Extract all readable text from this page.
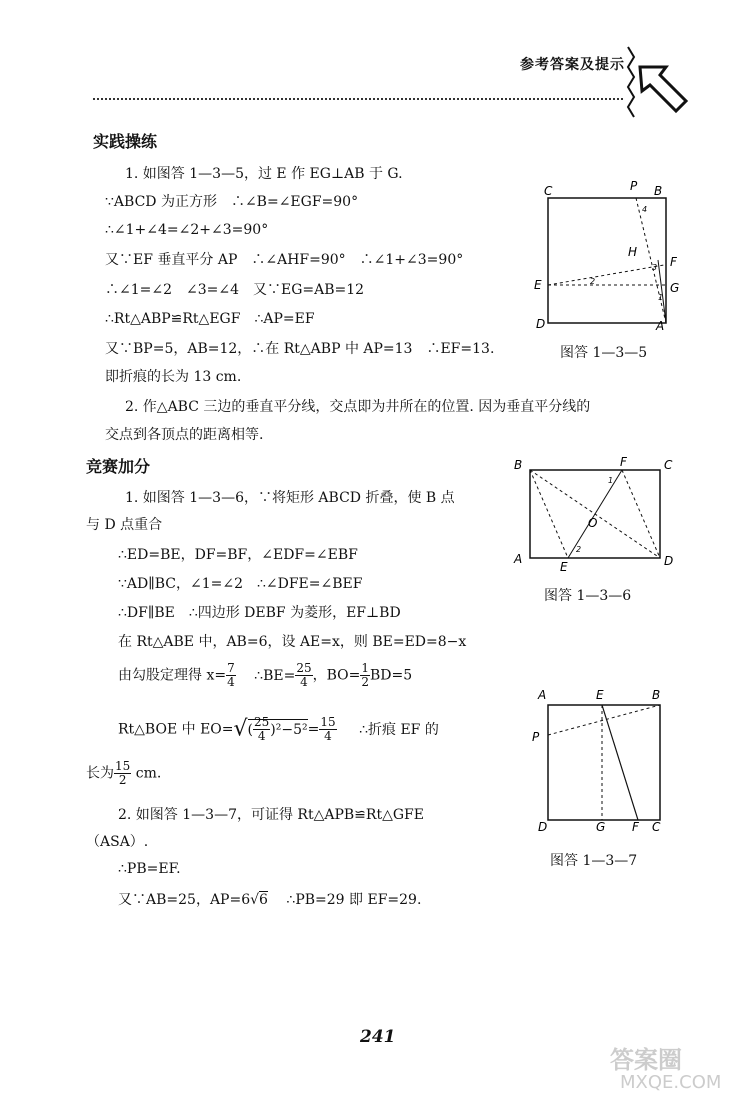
参考答案及提示
实践操练
1. 如图答 1—3—5，过 E 作 EG⊥AB 于 G.
∵ABCD 为正方形　∴∠B=∠EGF=90°
∴∠1+∠4=∠2+∠3=90°
又∵EF 垂直平分 AP　∴∠AHF=90°　∴∠1+∠3=90°
∴∠1=∠2　∠3=∠4　又∵EG=AB=12
∴Rt△ABP≌Rt△EGF　∴AP=EF
又∵BP=5，AB=12，∴在 Rt△ABP 中 AP=13　∴EF=13.
即折痕的长为 13 cm.
2. 作△ABC 三边的垂直平分线，交点即为井所在的位置. 因为垂直平分线的
交点到各顶点的距离相等.
C	P B
4
H
3 F
E	2
1
G
D	A
图答 1—3—5
竞赛加分
1. 如图答 1—3—6，∵将矩形 ABCD 折叠，使 B 点
与 D 点重合
∴ED=BE，DF=BF，∠EDF=∠EBF
∵AD∥BC，∠1=∠2　∴∠DFE=∠BEF
∴DF∥BE　∴四边形 DEBF 为菱形，EF⊥BD
在 Rt△ABE 中，AB=6，设 AE=x，则 BE=ED=8−x
由勾股定理得 $x= \frac{7}{4}$ ∴BE= $\frac{25}{4}$ ，$BO= \frac{1}{2} BD=5$
Rt△BOE 中 $EO=√( \frac{25}{4} )^2-5^2= \frac{15}{4}$ ∴折痕 EF 的
长为 $\frac{15}{2}$ cm.
2. 如图答 1—3—7，可证得 Rt△APB≌Rt△GFE
（ASA）.
∴PB=EF.
又∵AB=25，AP=6√6 ∴PB=29 即 EF=29.
B	F	C
1
O
2
A
E	D
图答 1—3—6
A	E	B
P
D	G F C
图答 1—3—7
241
答案圈
MXQE.COM
